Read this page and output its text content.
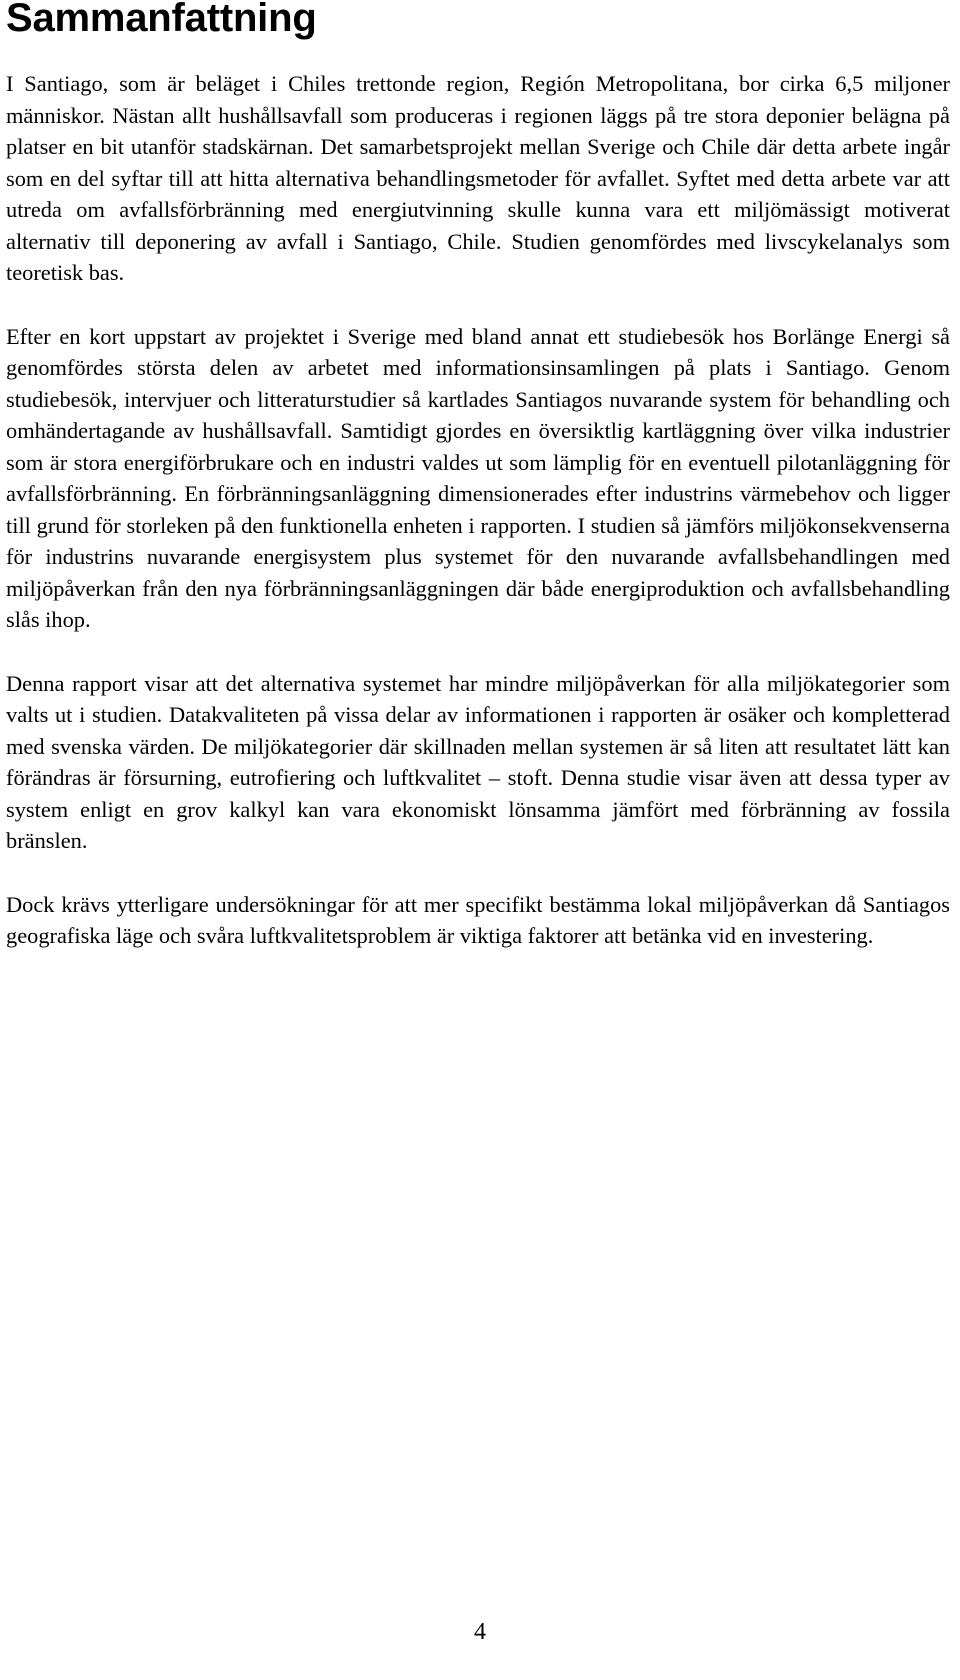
Sammanfattning

I Santiago, som är beläget i Chiles trettonde region, Región Metropolitana, bor cirka 6,5 miljoner människor. Nästan allt hushållsavfall som produceras i regionen läggs på tre stora deponier belägna på platser en bit utanför stadskärnan. Det samarbetsprojekt mellan Sverige och Chile där detta arbete ingår som en del syftar till att hitta alternativa behandlingsmetoder för avfallet. Syftet med detta arbete var att utreda om avfallsförbränning med energiutvinning skulle kunna vara ett miljömässigt motiverat alternativ till deponering av avfall i Santiago, Chile. Studien genomfördes med livscykelanalys som teoretisk bas.

Efter en kort uppstart av projektet i Sverige med bland annat ett studiebesök hos Borlänge Energi så genomfördes största delen av arbetet med informationsinsamlingen på plats i Santiago. Genom studiebesök, intervjuer och litteraturstudier så kartlades Santiagos nuvarande system för behandling och omhändertagande av hushållsavfall. Samtidigt gjordes en översiktlig kartläggning över vilka industrier som är stora energiförbrukare och en industri valdes ut som lämplig för en eventuell pilotanläggning för avfallsförbränning. En förbränningsanläggning dimensionerades efter industrins värmebehov och ligger till grund för storleken på den funktionella enheten i rapporten. I studien så jämförs miljökonsekvenserna för industrins nuvarande energisystem plus systemet för den nuvarande avfallsbehandlingen med miljöpåverkan från den nya förbränningsanläggningen där både energiproduktion och avfallsbehandling slås ihop.

Denna rapport visar att det alternativa systemet har mindre miljöpåverkan för alla miljökategorier som valts ut i studien. Datakvaliteten på vissa delar av informationen i rapporten är osäker och kompletterad med svenska värden. De miljökategorier där skillnaden mellan systemen är så liten att resultatet lätt kan förändras är försurning, eutrofiering och luftkvalitet – stoft. Denna studie visar även att dessa typer av system enligt en grov kalkyl kan vara ekonomiskt lönsamma jämfört med förbränning av fossila bränslen.

Dock krävs ytterligare undersökningar för att mer specifikt bestämma lokal miljöpåverkan då Santiagos geografiska läge och svåra luftkvalitetsproblem är viktiga faktorer att betänka vid en investering.

4
